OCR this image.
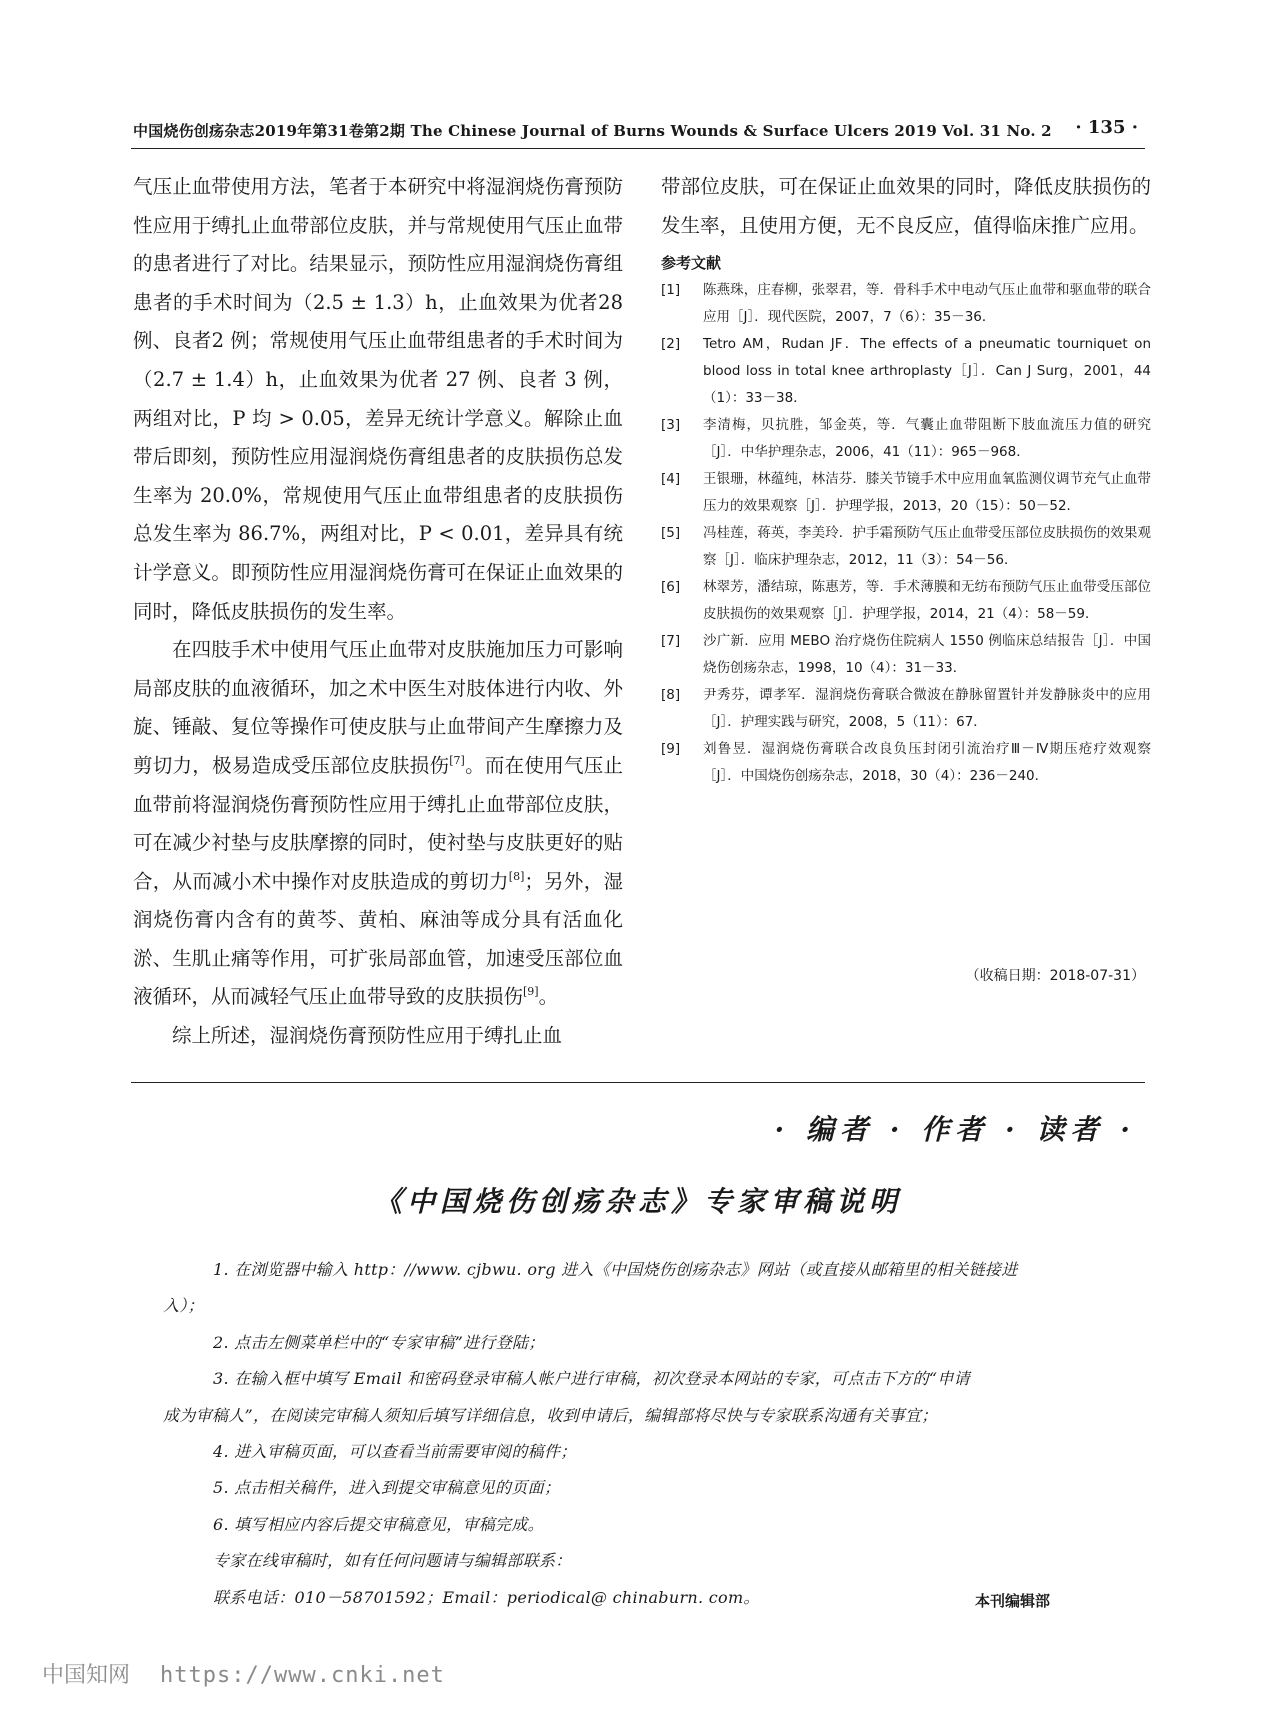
中国烧伤创疡杂志2019年第31卷第2期 The Chinese Journal of Burns Wounds & Surface Ulcers 2019 Vol. 31 No. 2 · 135 ·

气压止血带使用方法，笔者于本研究中将湿润烧伤膏预防性应用于缚扎止血带部位皮肤，并与常规使用气压止血带的患者进行了对比。结果显示，预防性应用湿润烧伤膏组患者的手术时间为（2.5 ± 1.3）h，止血效果为优者28 例、良者2 例；常规使用气压止血带组患者的手术时间为（2.7 ± 1.4）h，止血效果为优者 27 例、良者 3 例，两组对比，P 均 > 0.05，差异无统计学意义。解除止血带后即刻，预防性应用湿润烧伤膏组患者的皮肤损伤总发生率为 20.0%，常规使用气压止血带组患者的皮肤损伤总发生率为 86.7%，两组对比，P < 0.01，差异具有统计学意义。即预防性应用湿润烧伤膏可在保证止血效果的同时，降低皮肤损伤的发生率。

在四肢手术中使用气压止血带对皮肤施加压力可影响局部皮肤的血液循环，加之术中医生对肢体进行内收、外旋、锤敲、复位等操作可使皮肤与止血带间产生摩擦力及剪切力，极易造成受压部位皮肤损伤[7]。而在使用气压止血带前将湿润烧伤膏预防性应用于缚扎止血带部位皮肤，可在减少衬垫与皮肤摩擦的同时，使衬垫与皮肤更好的贴合，从而减小术中操作对皮肤造成的剪切力[8]；另外，湿润烧伤膏内含有的黄芩、黄柏、麻油等成分具有活血化淤、生肌止痛等作用，可扩张局部血管，加速受压部位血液循环，从而减轻气压止血带导致的皮肤损伤[9]。

综上所述，湿润烧伤膏预防性应用于缚扎止血

带部位皮肤，可在保证止血效果的同时，降低皮肤损伤的发生率，且使用方便，无不良反应，值得临床推广应用。

参考文献

[1] 陈燕珠，庄春柳，张翠君，等．骨科手术中电动气压止血带和驱血带的联合应用［J］．现代医院，2007，7（6）：35－36．

[2] Tetro AM，Rudan JF．The effects of a pneumatic tourniquet on blood loss in total knee arthroplasty［J］．Can J Surg，2001，44（1）：33－38．

[3] 李清梅，贝抗胜，邹金英，等．气囊止血带阻断下肢血流压力值的研究［J］．中华护理杂志，2006，41（11）：965－968．

[4] 王银珊，林蕴纯，林洁芬．膝关节镜手术中应用血氧监测仪调节充气止血带压力的效果观察［J］．护理学报，2013，20（15）：50－52．

[5] 冯桂莲，蒋英，李美玲．护手霜预防气压止血带受压部位皮肤损伤的效果观察［J］．临床护理杂志，2012，11（3）：54－56．

[6] 林翠芳，潘结琼，陈惠芳，等．手术薄膜和无纺布预防气压止血带受压部位皮肤损伤的效果观察［J］．护理学报，2014，21（4）：58－59．

[7] 沙广新．应用 MEBO 治疗烧伤住院病人 1550 例临床总结报告［J］．中国烧伤创疡杂志，1998，10（4）：31－33．

[8] 尹秀芬，谭孝军．湿润烧伤膏联合微波在静脉留置针并发静脉炎中的应用［J］．护理实践与研究，2008，5（11）：67．

[9] 刘鲁昱．湿润烧伤膏联合改良负压封闭引流治疗Ⅲ－Ⅳ期压疮疗效观察［J］．中国烧伤创疡杂志，2018，30（4）：236－240．

（收稿日期：2018-07-31）
· 编者 · 作者 · 读者 ·
《中国烧伤创疡杂志》专家审稿说明

1. 在浏览器中输入 http：//www. cjbwu. org 进入《中国烧伤创疡杂志》网站（或直接从邮箱里的相关链接进

入）；

2. 点击左侧菜单栏中的“专家审稿”进行登陆；

3. 在输入框中填写 Email 和密码登录审稿人帐户进行审稿，初次登录本网站的专家，可点击下方的“申请

成为审稿人”，在阅读完审稿人须知后填写详细信息，收到申请后，编辑部将尽快与专家联系沟通有关事宜；

4. 进入审稿页面，可以查看当前需要审阅的稿件；

5. 点击相关稿件，进入到提交审稿意见的页面；

6. 填写相应内容后提交审稿意见，审稿完成。

专家在线审稿时，如有任何问题请与编辑部联系：

联系电话：010－58701592；Email：periodical@ chinaburn. com。	本刊编辑部
中国知网 https://www.cnki.net
